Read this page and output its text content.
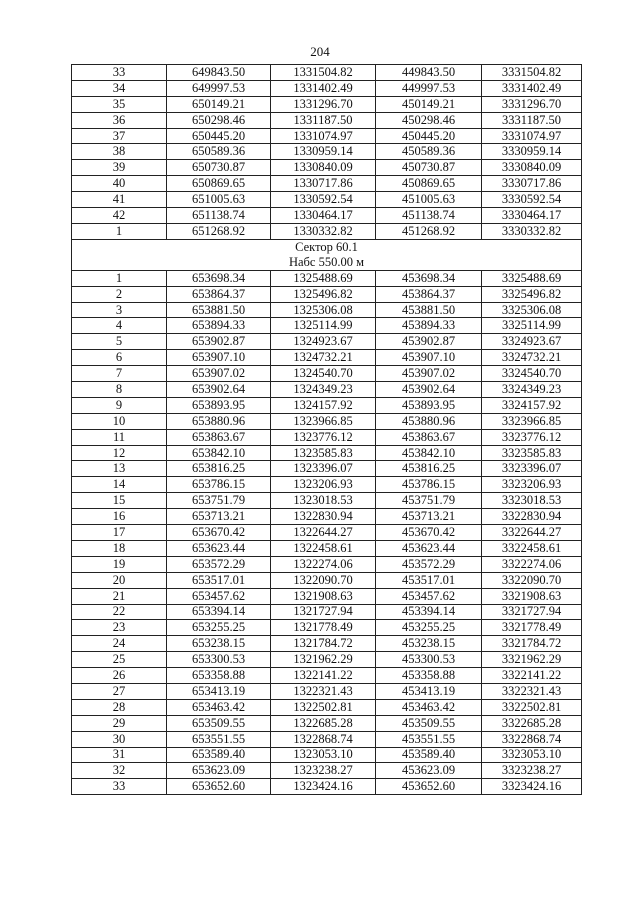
204
33	649843.50	1331504.82	449843.50	3331504.82
34	649997.53	1331402.49	449997.53	3331402.49
35	650149.21	1331296.70	450149.21	3331296.70
36	650298.46	1331187.50	450298.46	3331187.50
37	650445.20	1331074.97	450445.20	3331074.97
38	650589.36	1330959.14	450589.36	3330959.14
39	650730.87	1330840.09	450730.87	3330840.09
40	650869.65	1330717.86	450869.65	3330717.86
41	651005.63	1330592.54	451005.63	3330592.54
42	651138.74	1330464.17	451138.74	3330464.17
1	651268.92	1330332.82	451268.92	3330332.82

Сектор 60.1
Набс 550.00 м				

1	653698.34	1325488.69	453698.34	3325488.69
2	653864.37	1325496.82	453864.37	3325496.82
3	653881.50	1325306.08	453881.50	3325306.08
4	653894.33	1325114.99	453894.33	3325114.99
5	653902.87	1324923.67	453902.87	3324923.67
6	653907.10	1324732.21	453907.10	3324732.21
7	653907.02	1324540.70	453907.02	3324540.70
8	653902.64	1324349.23	453902.64	3324349.23
9	653893.95	1324157.92	453893.95	3324157.92
10	653880.96	1323966.85	453880.96	3323966.85
11	653863.67	1323776.12	453863.67	3323776.12
12	653842.10	1323585.83	453842.10	3323585.83
13	653816.25	1323396.07	453816.25	3323396.07
14	653786.15	1323206.93	453786.15	3323206.93
15	653751.79	1323018.53	453751.79	3323018.53
16	653713.21	1322830.94	453713.21	3322830.94
17	653670.42	1322644.27	453670.42	3322644.27
18	653623.44	1322458.61	453623.44	3322458.61
19	653572.29	1322274.06	453572.29	3322274.06
20	653517.01	1322090.70	453517.01	3322090.70
21	653457.62	1321908.63	453457.62	3321908.63
22	653394.14	1321727.94	453394.14	3321727.94
23	653255.25	1321778.49	453255.25	3321778.49
24	653238.15	1321784.72	453238.15	3321784.72
25	653300.53	1321962.29	453300.53	3321962.29
26	653358.88	1322141.22	453358.88	3322141.22
27	653413.19	1322321.43	453413.19	3322321.43
28	653463.42	1322502.81	453463.42	3322502.81
29	653509.55	1322685.28	453509.55	3322685.28
30	653551.55	1322868.74	453551.55	3322868.74
31	653589.40	1323053.10	453589.40	3323053.10
32	653623.09	1323238.27	453623.09	3323238.27
33	653652.60	1323424.16	453652.60	3323424.16
